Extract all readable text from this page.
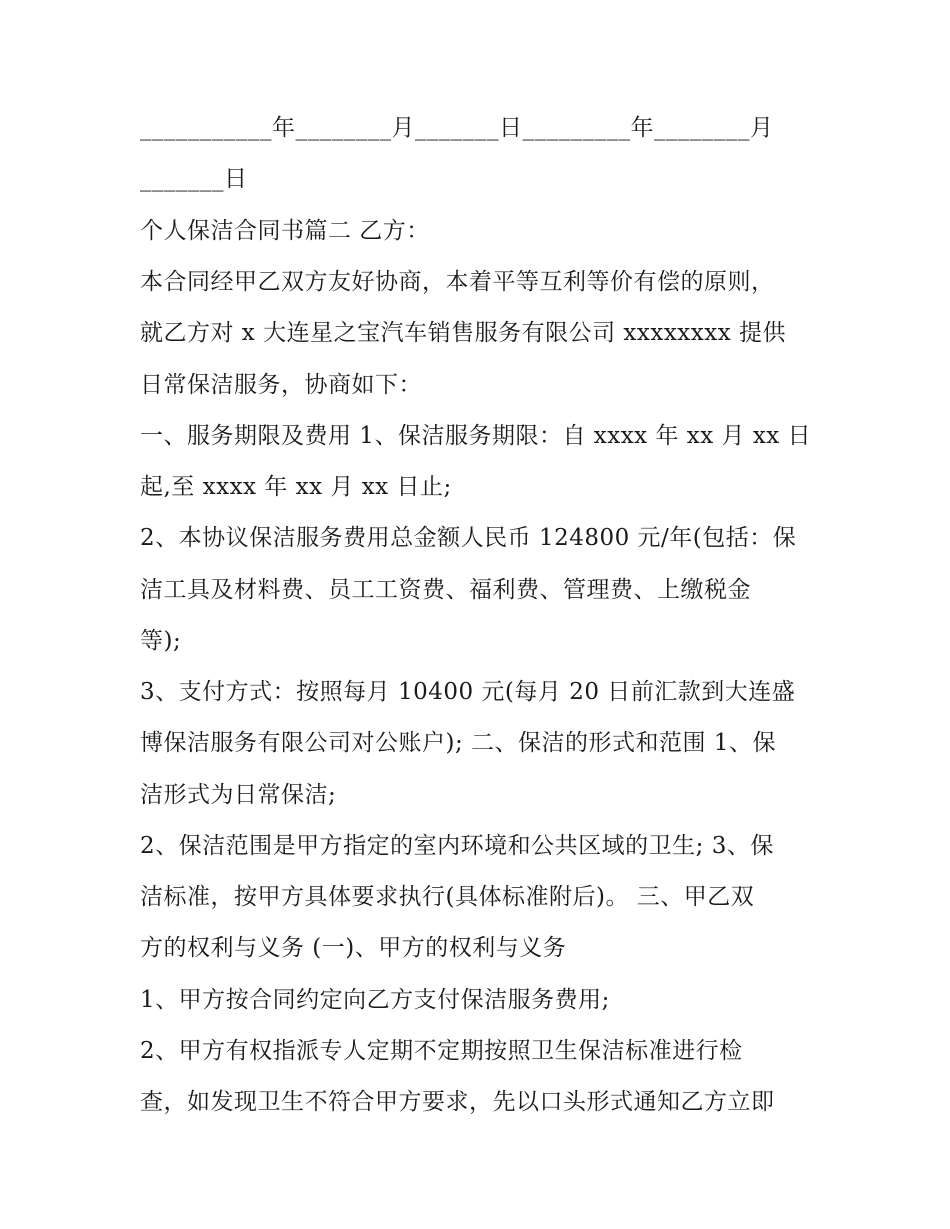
___________年________月_______日_________年________月
_______日
个人保洁合同书篇二 乙方：
本合同经甲乙双方友好协商，本着平等互利等价有偿的原则，
就乙方对 x 大连星之宝汽车销售服务有限公司 xxxxxxxx 提供
日常保洁服务，协商如下：
一、服务期限及费用 1、保洁服务期限：自 xxxx 年 xx 月 xx 日
起,至 xxxx 年 xx 月 xx 日止;
2、本协议保洁服务费用总金额人民币 124800 元/年(包括：保
洁工具及材料费、员工工资费、福利费、管理费、上缴税金
等);
3、支付方式：按照每月 10400 元(每月 20 日前汇款到大连盛
博保洁服务有限公司对公账户); 二、保洁的形式和范围 1、保
洁形式为日常保洁;
2、保洁范围是甲方指定的室内环境和公共区域的卫生; 3、保
洁标准，按甲方具体要求执行(具体标准附后)。 三、甲乙双
方的权利与义务 (一)、甲方的权利与义务
1、甲方按合同约定向乙方支付保洁服务费用;
2、甲方有权指派专人定期不定期按照卫生保洁标准进行检
查，如发现卫生不符合甲方要求，先以口头形式通知乙方立即
